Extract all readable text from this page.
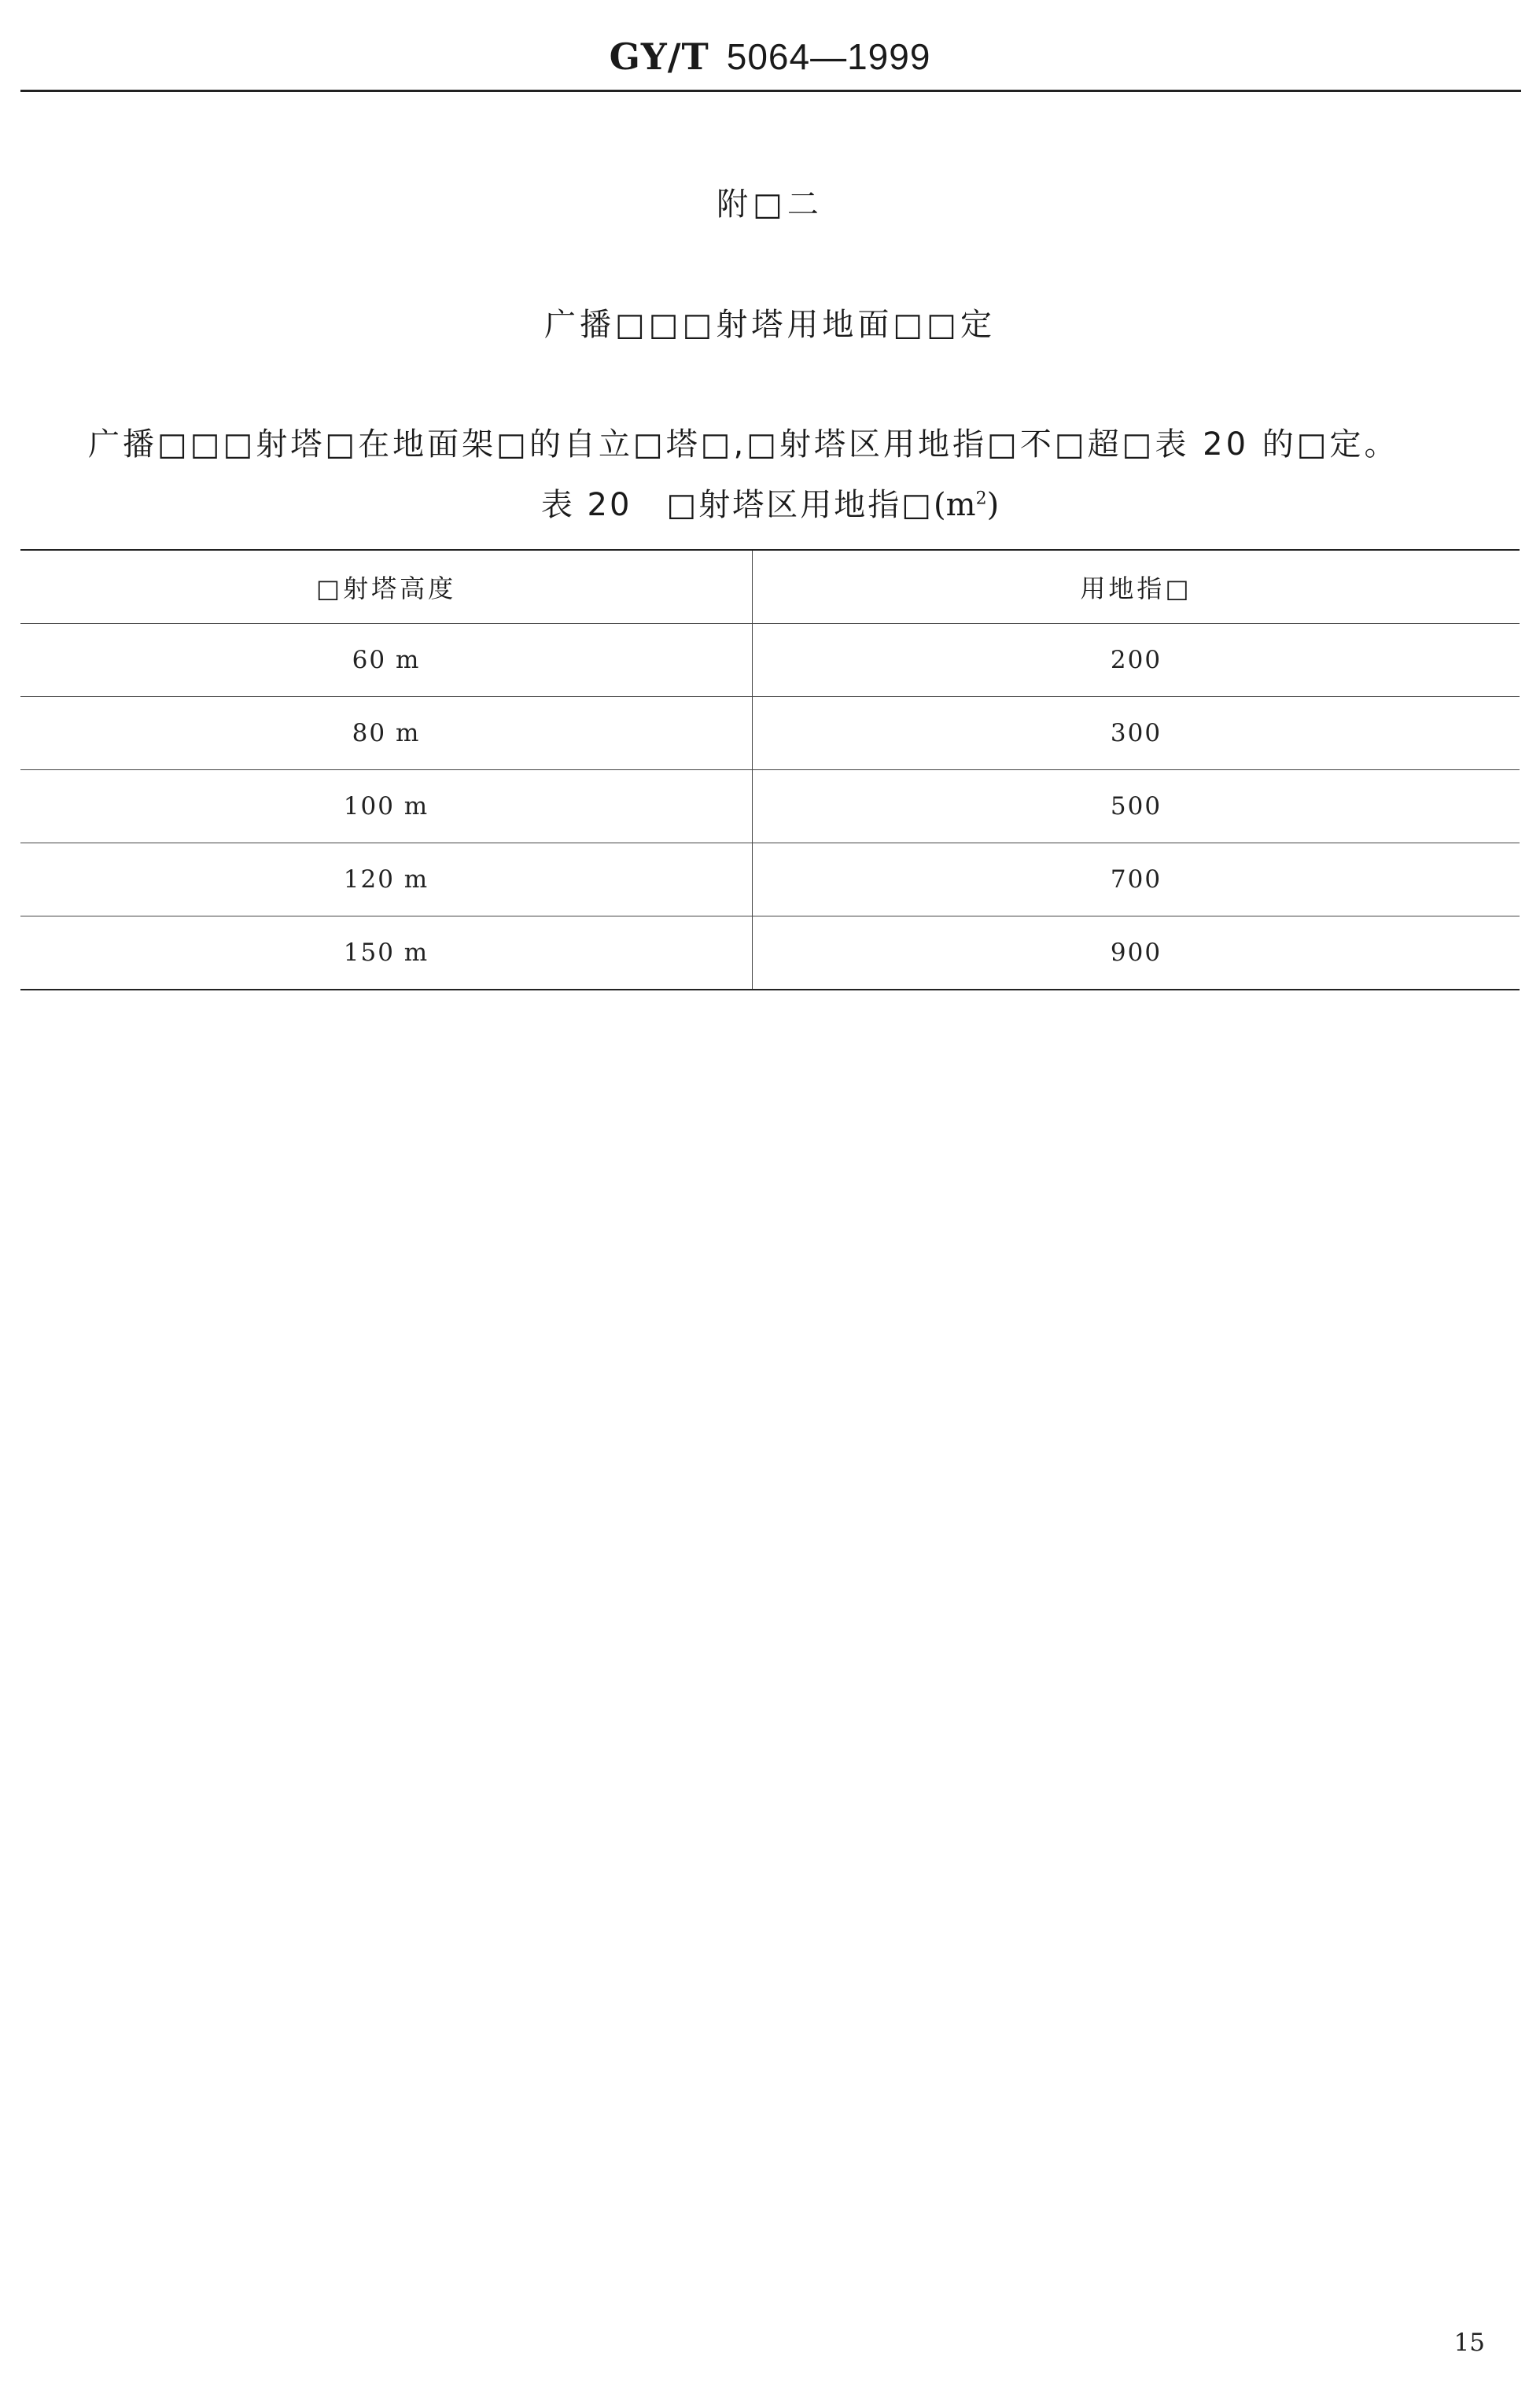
GY/T 5064—1999
附□二
广播□□□射塔用地面□□定
广播□□□射塔□在地面架□的自立□塔□,□射塔区用地指□不□超□表 20 的□定。
表 20 □射塔区用地指$□(m^2)$
□射塔高度	用地指□
60 m	200
80 m	300
100 m	500
120 m	700
150 m	900
15
